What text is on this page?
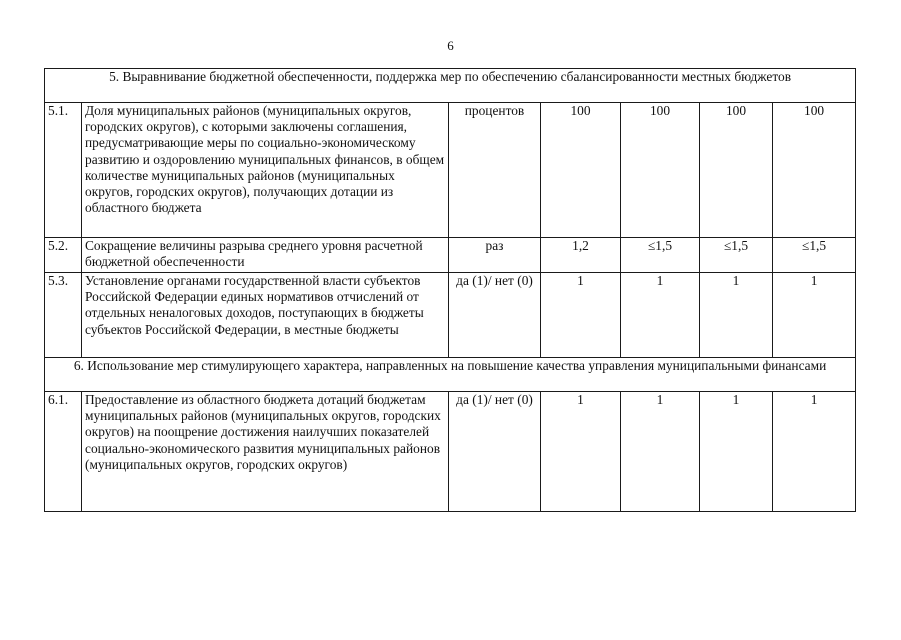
6
5. Выравнивание бюджетной обеспеченности, поддержка мер по обеспечению сбалансированности местных бюджетов						
5.1.	Доля муниципальных районов (муниципальных округов, городских округов), с которыми заключены соглашения, предусматривающие меры по социально-экономическому развитию и оздоровлению муниципальных финансов, в общем количестве муниципальных районов (муниципальных округов, городских округов), получающих дотации из областного бюджета	процентов	100	100	100	100
5.2.	Сокращение величины разрыва среднего уровня расчетной бюджетной обеспеченности	раз	1,2	≤1,5	≤1,5	≤1,5
5.3.	Установление органами государственной власти субъектов Российской Федерации единых нормативов отчислений от отдельных неналоговых доходов, поступающих в бюджеты субъектов Российской Федерации, в местные бюджеты	да (1)/ нет (0)	1	1	1	1
6. Использование мер стимулирующего характера, направленных на повышение качества управления муниципальными финансами						
6.1.	Предоставление из областного бюджета дотаций бюджетам муниципальных районов (муниципальных округов, городских округов) на поощрение достижения наилучших показателей социально-экономического развития муниципальных районов (муниципальных округов, городских округов)	да (1)/ нет (0)	1	1	1	1
